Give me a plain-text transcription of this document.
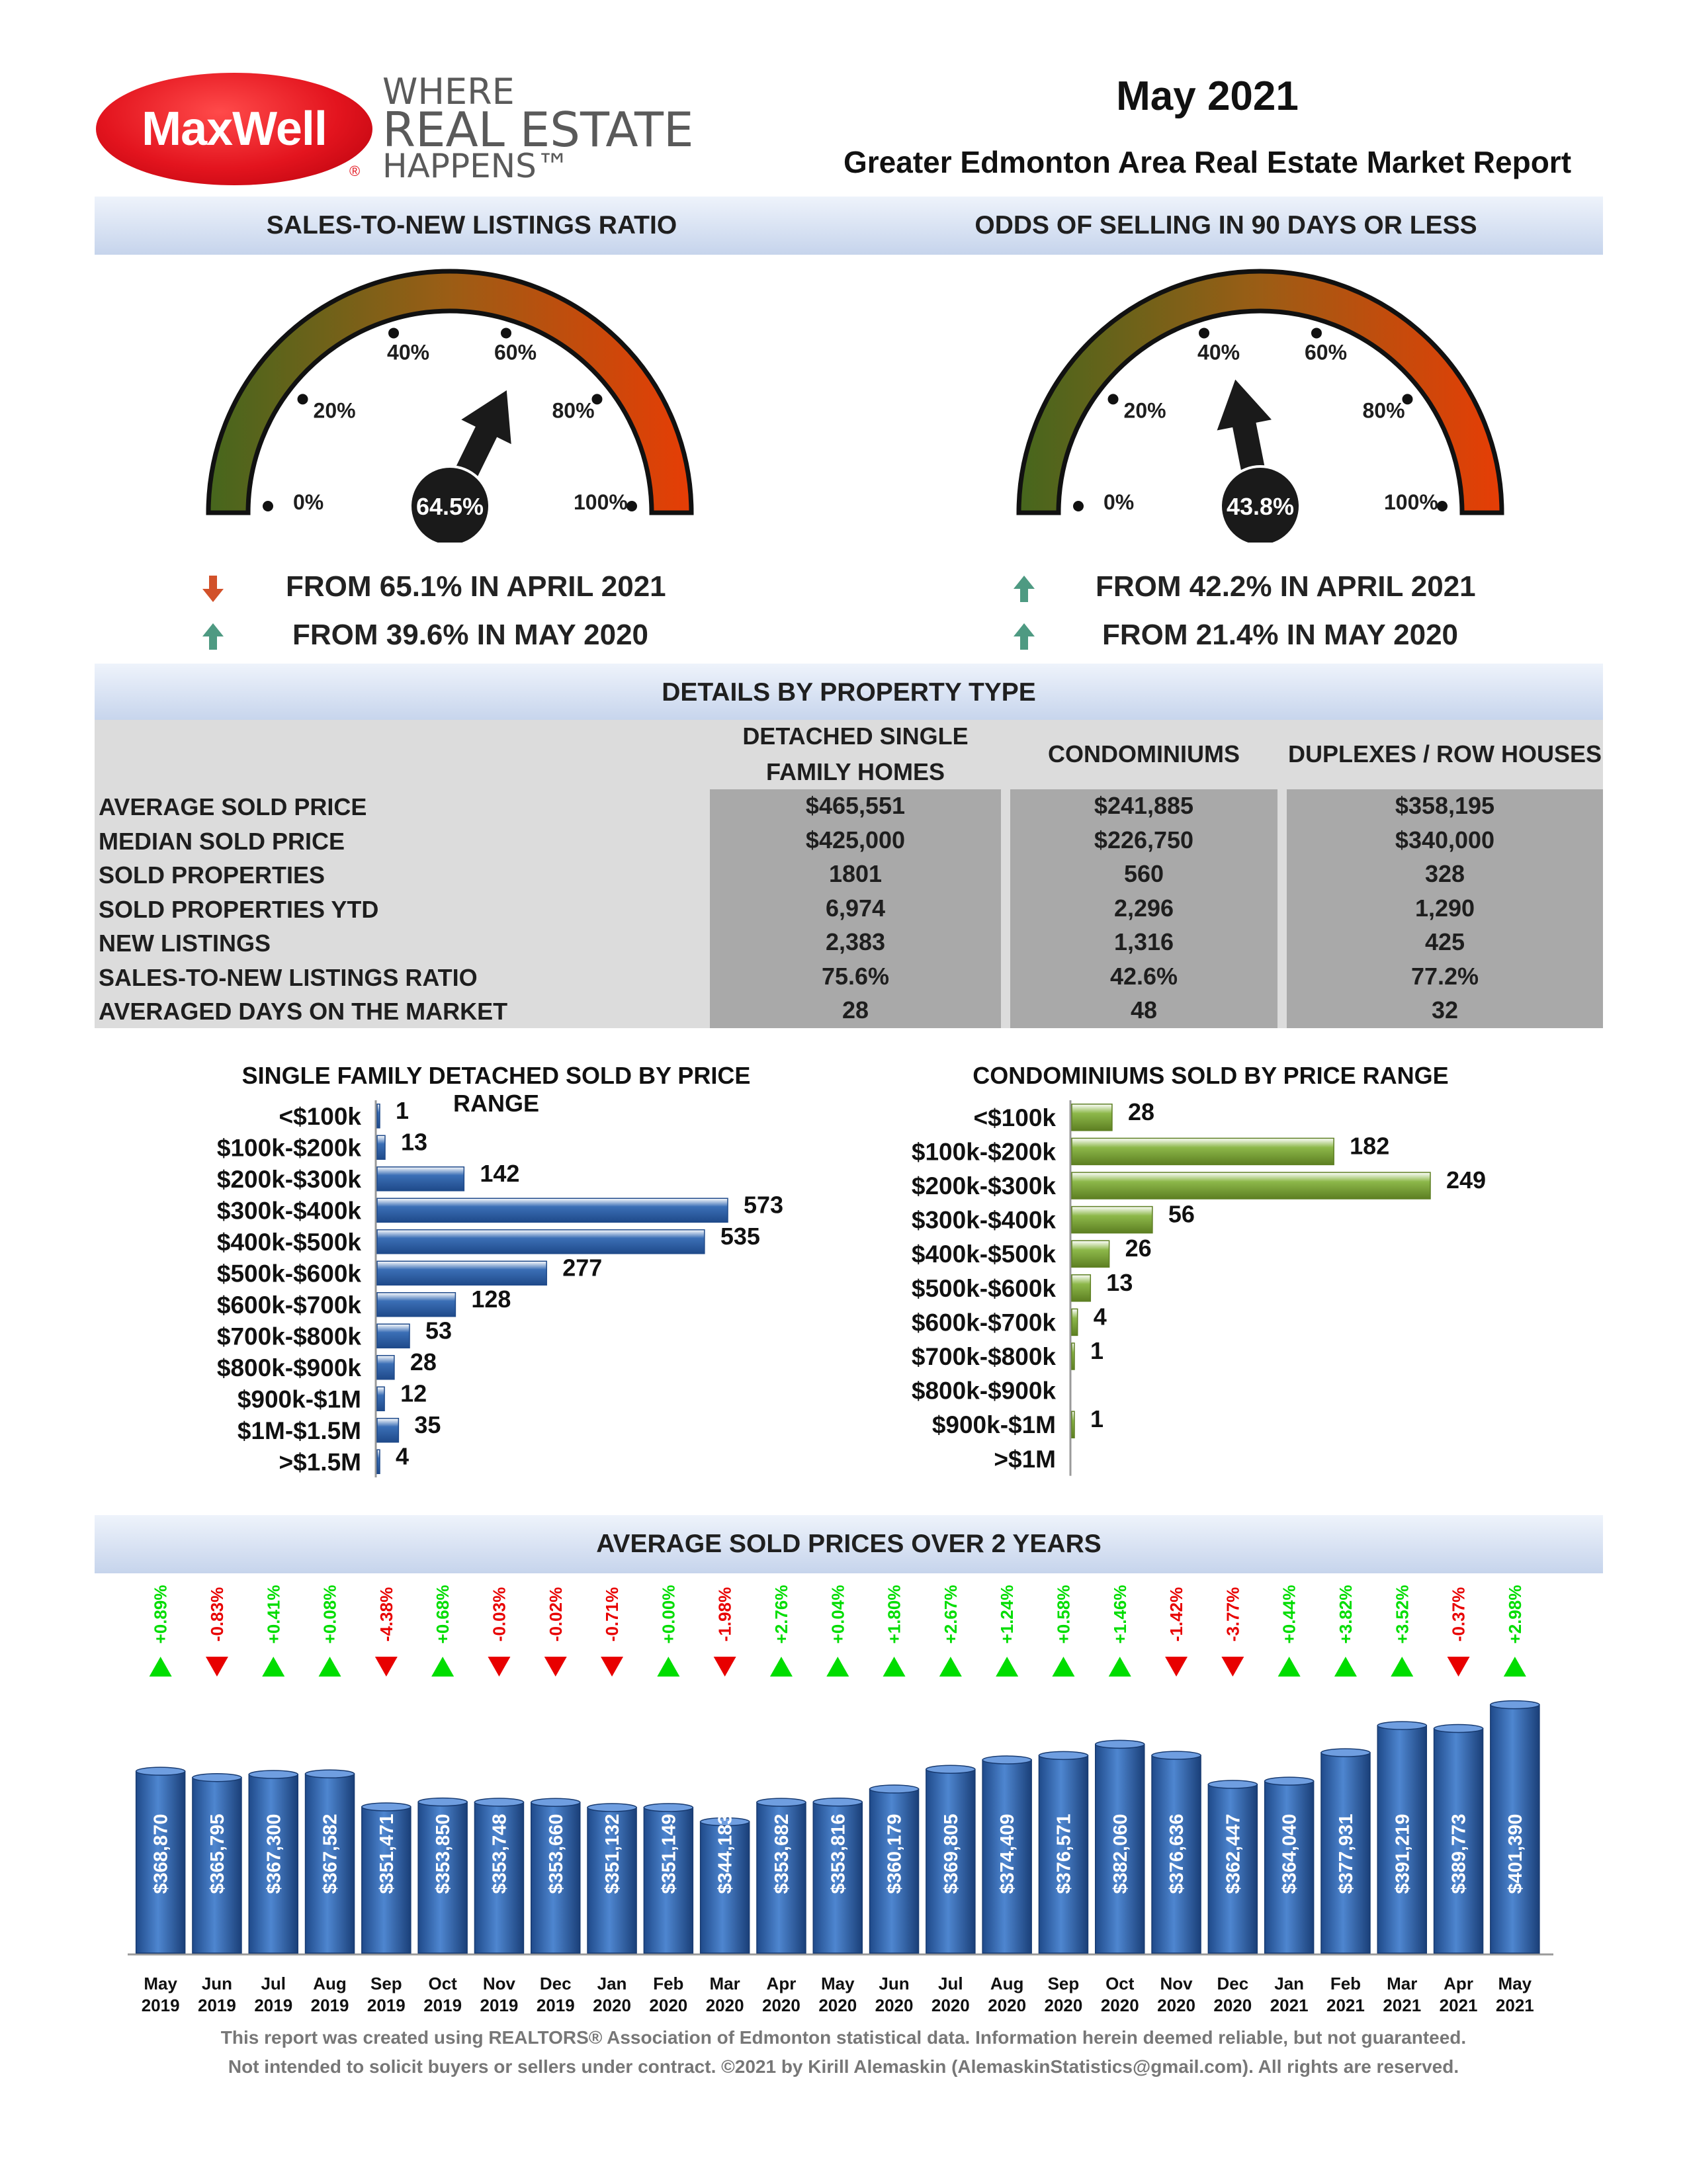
MaxWell
WHERE
REAL ESTATE
HAPPENS™
®
May 2021
Greater Edmonton Area Real Estate Market Report
SALES-TO-NEW LISTINGS RATIO	ODDS OF SELLING IN 90 DAYS OR LESS
0%
20%
40%	60%
80%
100%
64.5%	0%
20%
40%	60%
80%
100%
43.8%
FROM 65.1% IN APRIL 2021
FROM 39.6% IN MAY 2020
FROM 42.2% IN APRIL 2021
FROM 21.4% IN MAY 2020
DETAILS BY PROPERTY TYPE
DETACHED SINGLE
FAMILY HOMES
CONDOMINIUMS	DUPLEXES / ROW HOUSES
AVERAGE SOLD PRICE	$465,551	$241,885	$358,195
MEDIAN SOLD PRICE	$425,000	$226,750	$340,000
SOLD PROPERTIES	1801	560	328
SOLD PROPERTIES YTD	6,974	2,296	1,290
NEW LISTINGS	2,383	1,316	425
SALES-TO-NEW LISTINGS RATIO	75.6%	42.6%	77.2%
AVERAGED DAYS ON THE MARKET	28	48	32
SINGLE FAMILY DETACHED SOLD BY PRICE RANGE
<$100k 1
$100k-$200k 13
$200k-$300k	142
$300k-$400k	573
$400k-$500k	535
$500k-$600k	277
$600k-$700k	128
$700k-$800k	53
$800k-$900k 28
$900k-$1M 12
$1M-$1.5M 35
>$1.5M 4
CONDOMINIUMS SOLD BY PRICE RANGE
<$100k	28
$100k-$200k	182
$200k-$300k	249
$300k-$400k	56
$400k-$500k	26
$500k-$600k 13
$600k-$700k 4
$700k-$800k 1
$800k-$900k
$900k-$1M 1
>$1M
AVERAGE SOLD PRICES OVER 2 YEARS
$368,870
+0.89%
May
2019
$365,795
-0.83%
Jun
2019
$367,300
+0.41%
Jul
2019
$367,582
+0.08%
Aug
2019
$351,471
-4.38%
Sep
2019
$353,850
+0.68%
Oct
2019
$353,748
-0.03%
Nov
2019
$353,660
-0.02%
Dec
2019
$351,132
-0.71%
Jan
2020
$351,149
+0.00%
Feb
2020
$344,183
-1.98%
Mar
2020
$353,682
+2.76%
Apr
2020
$353,816
+0.04%
May
2020
$360,179
+1.80%
Jun
2020
$369,805
+2.67%
Jul
2020
$374,409
+1.24%
Aug
2020
$376,571
+0.58%
Sep
2020
$382,060
+1.46%
Oct
2020
$376,636
-1.42%
Nov
2020
$362,447
-3.77%
Dec
2020
$364,040
+0.44%
Jan
2021
$377,931
+3.82%
Feb
2021
$391,219
+3.52%
Mar
2021
$389,773
-0.37%
Apr
2021
$401,390
+2.98%
May
2021
This report was created using REALTORS® Association of Edmonton statistical data. Information herein deemed reliable, but not guaranteed.
Not intended to solicit buyers or sellers under contract. ©2021 by Kirill Alemaskin (AlemaskinStatistics@gmail.com). All rights are reserved.
